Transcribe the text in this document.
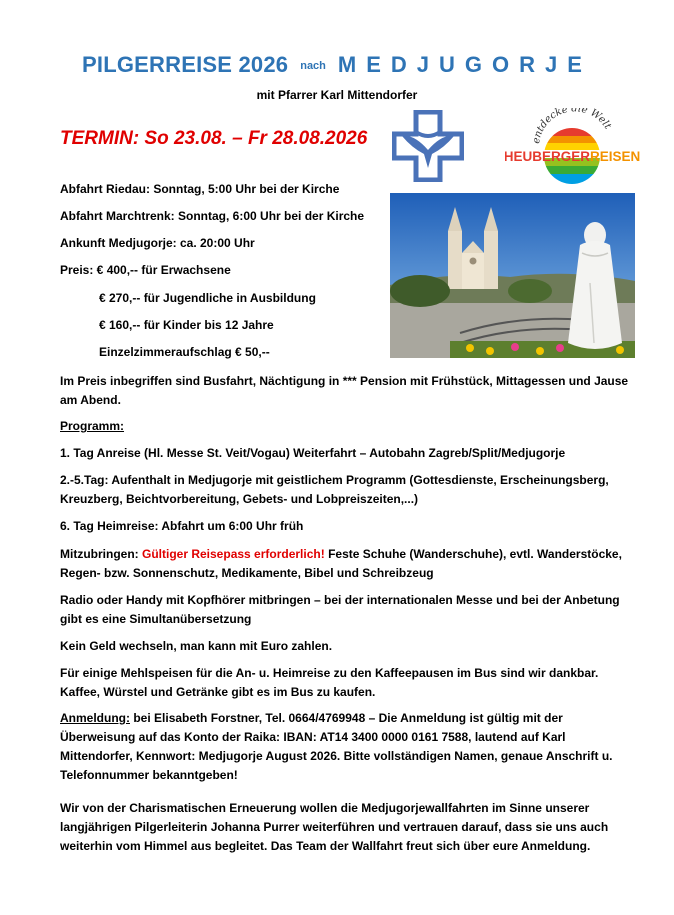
PILGERREISE 2026 nach MEDJUGORJE
mit Pfarrer Karl Mittendorfer
TERMIN: So 23.08. – Fr 28.08.2026	entdecke die Welt
HEUBERGERREISEN
Abfahrt Riedau: Sonntag, 5:00 Uhr bei der Kirche
Abfahrt Marchtrenk: Sonntag, 6:00 Uhr bei der Kirche
Ankunft Medjugorje: ca. 20:00 Uhr
Preis: € 400,-- für Erwachsene
€ 270,-- für Jugendliche in Ausbildung
€ 160,-- für Kinder bis 12 Jahre
Einzelzimmeraufschlag € 50,--
Im Preis inbegriffen sind Busfahrt, Nächtigung in *** Pension mit Frühstück, Mittagessen und Jause am Abend.
Programm:
1. Tag Anreise (Hl. Messe St. Veit/Vogau) Weiterfahrt – Autobahn Zagreb/Split/Medjugorje
2.-5.Tag: Aufenthalt in Medjugorje mit geistlichem Programm (Gottesdienste, Erscheinungsberg, Kreuzberg, Beichtvorbereitung, Gebets- und Lobpreiszeiten,...)
6. Tag Heimreise: Abfahrt um 6:00 Uhr früh
Mitzubringen: Gültiger Reisepass erforderlich! Feste Schuhe (Wanderschuhe), evtl. Wanderstöcke, Regen- bzw. Sonnenschutz, Medikamente, Bibel und Schreibzeug
Radio oder Handy mit Kopfhörer mitbringen – bei der internationalen Messe und bei der Anbetung gibt es eine Simultanübersetzung
Kein Geld wechseln, man kann mit Euro zahlen.
Für einige Mehlspeisen für die An- u. Heimreise zu den Kaffeepausen im Bus sind wir dankbar. Kaffee, Würstel und Getränke gibt es im Bus zu kaufen.
Anmeldung: bei Elisabeth Forstner, Tel. 0664/4769948 – Die Anmeldung ist gültig mit der Überweisung auf das Konto der Raika: IBAN: AT14 3400 0000 0161 7588, lautend auf Karl Mittendorfer, Kennwort: Medjugorje August 2026. Bitte vollständigen Namen, genaue Anschrift u. Telefonnummer bekanntgeben!
Wir von der Charismatischen Erneuerung wollen die Medjugorjewallfahrten im Sinne unserer langjährigen Pilgerleiterin Johanna Purrer weiterführen und vertrauen darauf, dass sie uns auch weiterhin vom Himmel aus begleitet. Das Team der Wallfahrt freut sich über eure Anmeldung.
